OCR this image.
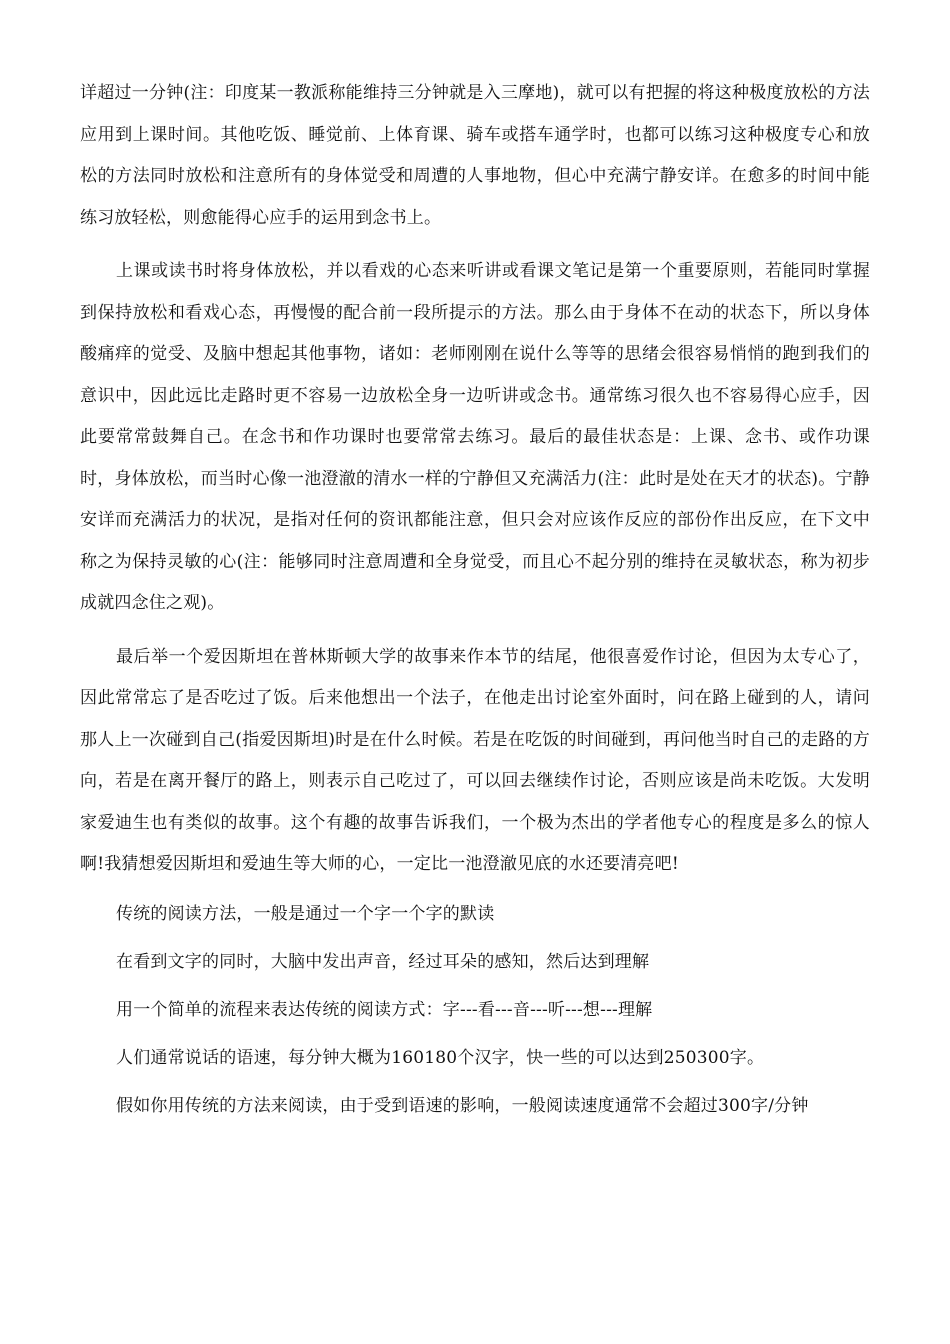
详超过一分钟(注：印度某一教派称能维持三分钟就是入三摩地)，就可以有把握的将这种极度放松的方法应用到上课时间。其他吃饭、睡觉前、上体育课、骑车或搭车通学时，也都可以练习这种极度专心和放松的方法同时放松和注意所有的身体觉受和周遭的人事地物，但心中充满宁静安详。在愈多的时间中能练习放轻松，则愈能得心应手的运用到念书上。

上课或读书时将身体放松，并以看戏的心态来听讲或看课文笔记是第一个重要原则，若能同时掌握到保持放松和看戏心态，再慢慢的配合前一段所提示的方法。那么由于身体不在动的状态下，所以身体酸痛痒的觉受、及脑中想起其他事物，诸如：老师刚刚在说什么等等的思绪会很容易悄悄的跑到我们的意识中，因此远比走路时更不容易一边放松全身一边听讲或念书。通常练习很久也不容易得心应手，因此要常常鼓舞自己。在念书和作功课时也要常常去练习。最后的最佳状态是：上课、念书、或作功课时，身体放松，而当时心像一池澄澈的清水一样的宁静但又充满活力(注：此时是处在天才的状态)。宁静安详而充满活力的状况，是指对任何的资讯都能注意，但只会对应该作反应的部份作出反应，在下文中称之为保持灵敏的心(注：能够同时注意周遭和全身觉受，而且心不起分别的维持在灵敏状态，称为初步成就四念住之观)。

最后举一个爱因斯坦在普林斯顿大学的故事来作本节的结尾，他很喜爱作讨论，但因为太专心了，因此常常忘了是否吃过了饭。后来他想出一个法子，在他走出讨论室外面时，问在路上碰到的人，请问那人上一次碰到自己(指爱因斯坦)时是在什么时候。若是在吃饭的时间碰到，再问他当时自己的走路的方向，若是在离开餐厅的路上，则表示自己吃过了，可以回去继续作讨论，否则应该是尚未吃饭。大发明家爱迪生也有类似的故事。这个有趣的故事告诉我们，一个极为杰出的学者他专心的程度是多么的惊人啊!我猜想爱因斯坦和爱迪生等大师的心，一定比一池澄澈见底的水还要清亮吧!

传统的阅读方法，一般是通过一个字一个字的默读

在看到文字的同时，大脑中发出声音，经过耳朵的感知，然后达到理解

用一个简单的流程来表达传统的阅读方式：字---看---音---听---想---理解

人们通常说话的语速，每分钟大概为160180个汉字，快一些的可以达到250300字。

假如你用传统的方法来阅读，由于受到语速的影响，一般阅读速度通常不会超过300字/分钟
